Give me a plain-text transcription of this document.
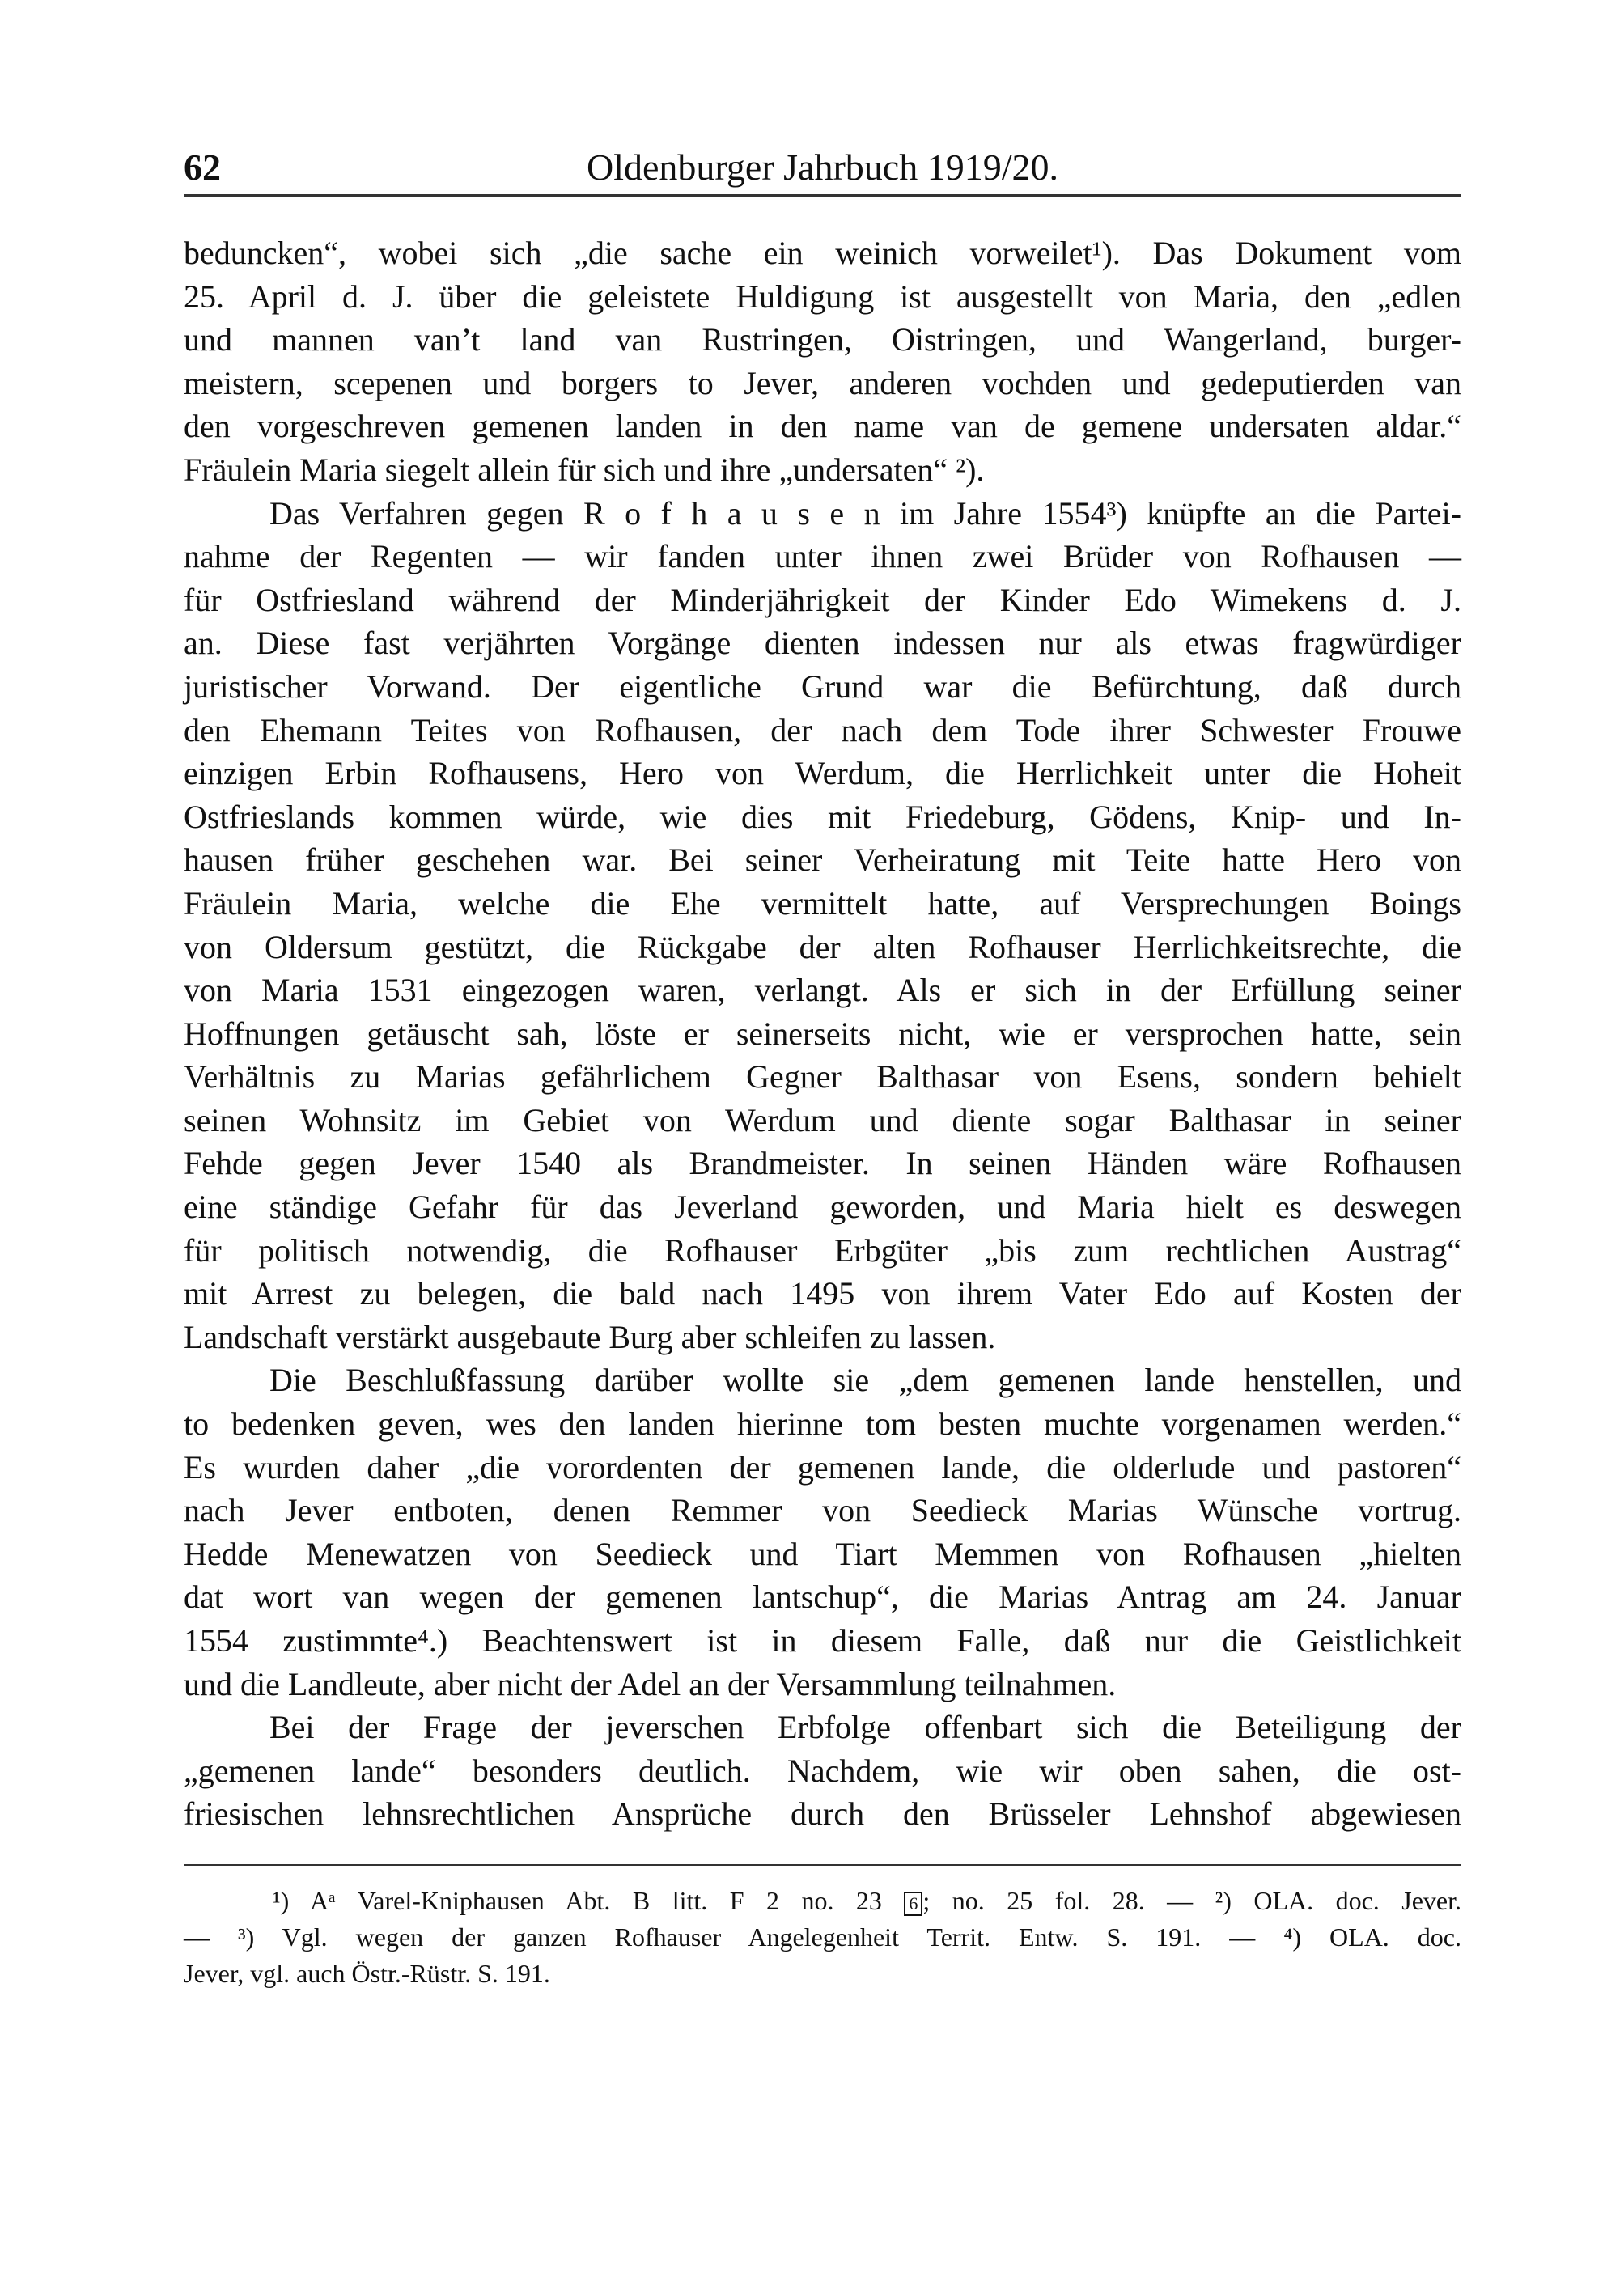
62	Oldenburger Jahrbuch 1919/20.
beduncken“, wobei sich „die sache ein weinich vorweilet¹). Das Dokument vom
25. April d. J. über die geleistete Huldigung ist ausgestellt von Maria, den „edlen
und mannen van’t land van Rustringen, Oistringen, und Wangerland, burger-
meistern, scepenen und borgers to Jever, anderen vochden und gedeputierden van
den vorgeschreven gemenen landen in den name van de gemene undersaten aldar.“
Fräulein Maria siegelt allein für sich und ihre „undersaten“ ²).
Das Verfahren gegen R o f h a u s e n im Jahre 1554³) knüpfte an die Partei-
nahme der Regenten — wir fanden unter ihnen zwei Brüder von Rofhausen —
für Ostfriesland während der Minderjährigkeit der Kinder Edo Wimekens d. J.
an. Diese fast verjährten Vorgänge dienten indessen nur als etwas fragwürdiger
juristischer Vorwand. Der eigentliche Grund war die Befürchtung, daß durch
den Ehemann Teites von Rofhausen, der nach dem Tode ihrer Schwester Frouwe
einzigen Erbin Rofhausens, Hero von Werdum, die Herrlichkeit unter die Hoheit
Ostfrieslands kommen würde, wie dies mit Friedeburg, Gödens, Knip- und In-
hausen früher geschehen war. Bei seiner Verheiratung mit Teite hatte Hero von
Fräulein Maria, welche die Ehe vermittelt hatte, auf Versprechungen Boings
von Oldersum gestützt, die Rückgabe der alten Rofhauser Herrlichkeitsrechte, die
von Maria 1531 eingezogen waren, verlangt. Als er sich in der Erfüllung seiner
Hoffnungen getäuscht sah, löste er seinerseits nicht, wie er versprochen hatte, sein
Verhältnis zu Marias gefährlichem Gegner Balthasar von Esens, sondern behielt
seinen Wohnsitz im Gebiet von Werdum und diente sogar Balthasar in seiner
Fehde gegen Jever 1540 als Brandmeister. In seinen Händen wäre Rofhausen
eine ständige Gefahr für das Jeverland geworden, und Maria hielt es deswegen
für politisch notwendig, die Rofhauser Erbgüter „bis zum rechtlichen Austrag“
mit Arrest zu belegen, die bald nach 1495 von ihrem Vater Edo auf Kosten der
Landschaft verstärkt ausgebaute Burg aber schleifen zu lassen.
Die Beschlußfassung darüber wollte sie „dem gemenen lande henstellen, und
to bedenken geven, wes den landen hierinne tom besten muchte vorgenamen werden.“
Es wurden daher „die vorordenten der gemenen lande, die olderlude und pastoren“
nach Jever entboten, denen Remmer von Seedieck Marias Wünsche vortrug.
Hedde Menewatzen von Seedieck und Tiart Memmen von Rofhausen „hielten
dat wort van wegen der gemenen lantschup“, die Marias Antrag am 24. Januar
1554 zustimmte⁴.) Beachtenswert ist in diesem Falle, daß nur die Geistlichkeit
und die Landleute, aber nicht der Adel an der Versammlung teilnahmen.
Bei der Frage der jeverschen Erbfolge offenbart sich die Beteiligung der
„gemenen lande“ besonders deutlich. Nachdem, wie wir oben sahen, die ost-
friesischen lehnsrechtlichen Ansprüche durch den Brüsseler Lehnshof abgewiesen
¹) Aᵃ Varel-Kniphausen Abt. B litt. F 2 no. 23 6 ; no. 25 fol. 28. — ²) OLA. doc. Jever.
— ³) Vgl. wegen der ganzen Rofhauser Angelegenheit Territ. Entw. S. 191. — ⁴) OLA. doc.
Jever, vgl. auch Östr.-Rüstr. S. 191.
